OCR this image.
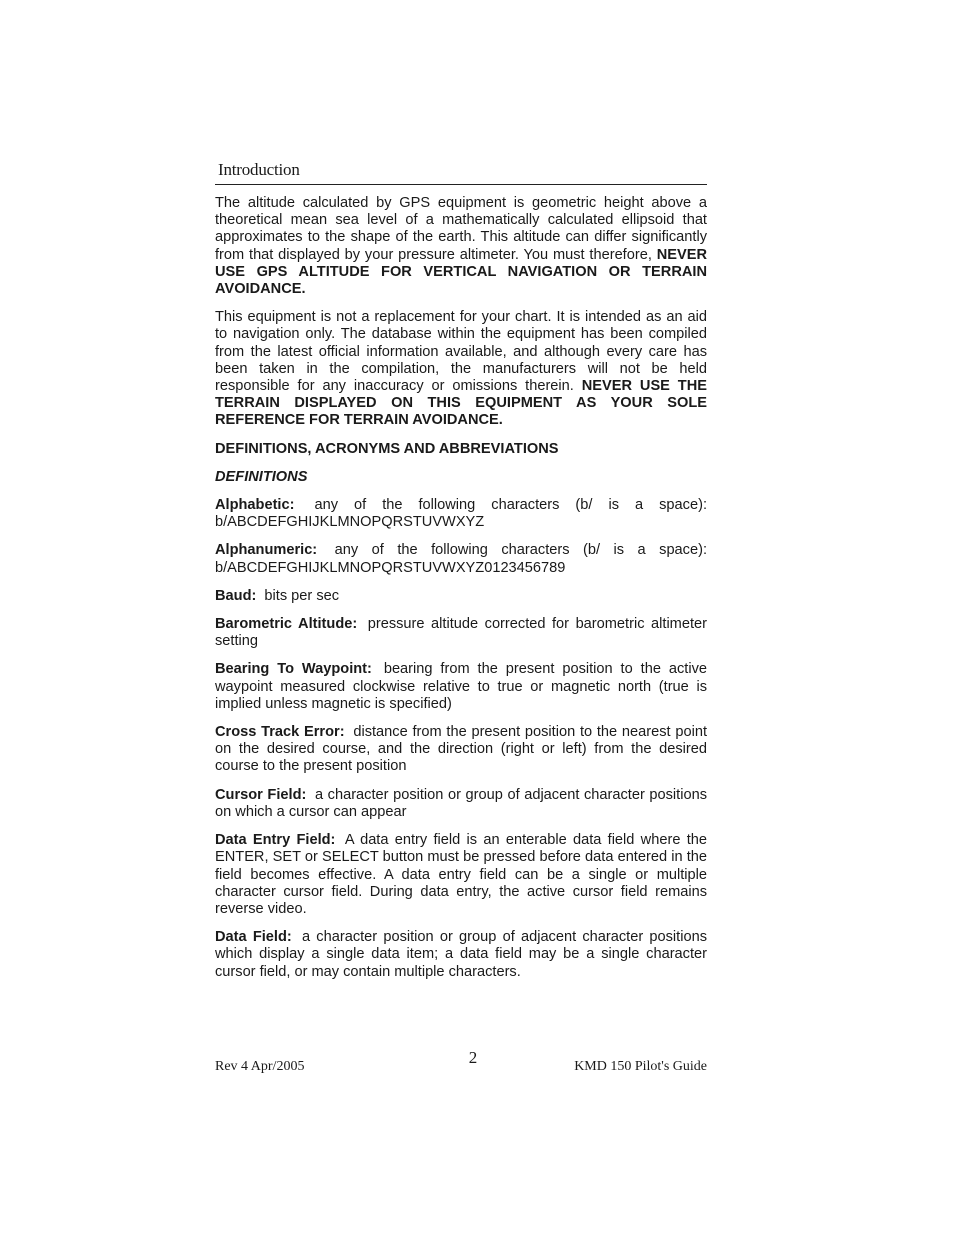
Introduction

The altitude calculated by GPS equipment is geometric height above a theoretical mean sea level of a mathematically calculated ellipsoid that approximates to the shape of the earth. This altitude can differ significantly from that displayed by your pressure altimeter. You must therefore, NEVER USE GPS ALTITUDE FOR VERTICAL NAVIGATION OR TERRAIN AVOIDANCE.

This equipment is not a replacement for your chart. It is intended as an aid to navigation only. The database within the equipment has been compiled from the latest official information available, and although every care has been taken in the compilation, the manufacturers will not be held responsible for any inaccuracy or omissions therein. NEVER USE THE TERRAIN DISPLAYED ON THIS EQUIPMENT AS YOUR SOLE REFERENCE FOR TERRAIN AVOIDANCE.

DEFINITIONS, ACRONYMS AND ABBREVIATIONS

DEFINITIONS

Alphabetic: any of the following characters (b/ is a space): b/ABCDEFGHIJKLMNOPQRSTUVWXYZ

Alphanumeric: any of the following characters (b/ is a space): b/ABCDEFGHIJKLMNOPQRSTUVWXYZ0123456789

Baud: bits per sec

Barometric Altitude: pressure altitude corrected for barometric altimeter setting

Bearing To Waypoint: bearing from the present position to the active waypoint measured clockwise relative to true or magnetic north (true is implied unless magnetic is specified)

Cross Track Error: distance from the present position to the nearest point on the desired course, and the direction (right or left) from the desired course to the present position

Cursor Field: a character position or group of adjacent character positions on which a cursor can appear

Data Entry Field: A data entry field is an enterable data field where the ENTER, SET or SELECT button must be pressed before data entered in the field becomes effective. A data entry field can be a single or multiple character cursor field. During data entry, the active cursor field remains reverse video.

Data Field: a character position or group of adjacent character positions which display a single data item; a data field may be a single character cursor field, or may contain multiple characters.

Rev 4 Apr/2005	2	KMD 150 Pilot's Guide
